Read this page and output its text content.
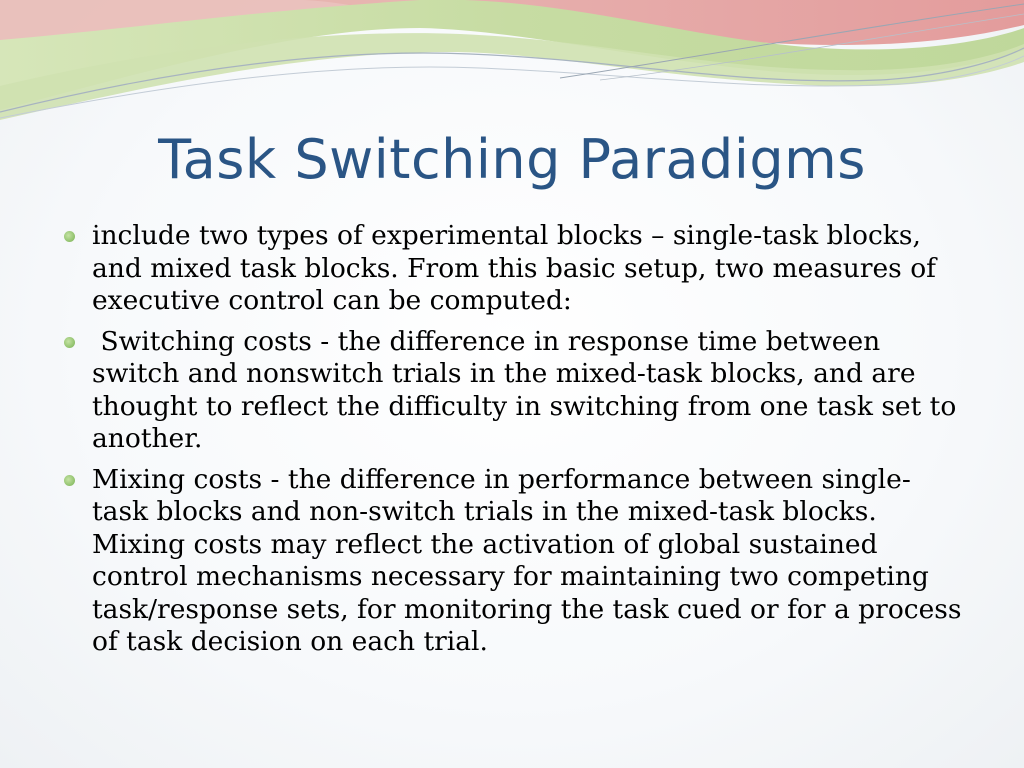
Task Switching Paradigms
include two types of experimental blocks – single-task blocks, and mixed task blocks. From this basic setup, two measures of executive control can be computed:
Switching costs - the difference in response time between switch and nonswitch trials in the mixed-task blocks, and are thought to reflect the difficulty in switching from one task set to another.
Mixing costs - the difference in performance between single-task blocks and non-switch trials in the mixed-task blocks. Mixing costs may reflect the activation of global sustained control mechanisms necessary for maintaining two competing task/response sets, for monitoring the task cued or for a process of task decision on each trial.
